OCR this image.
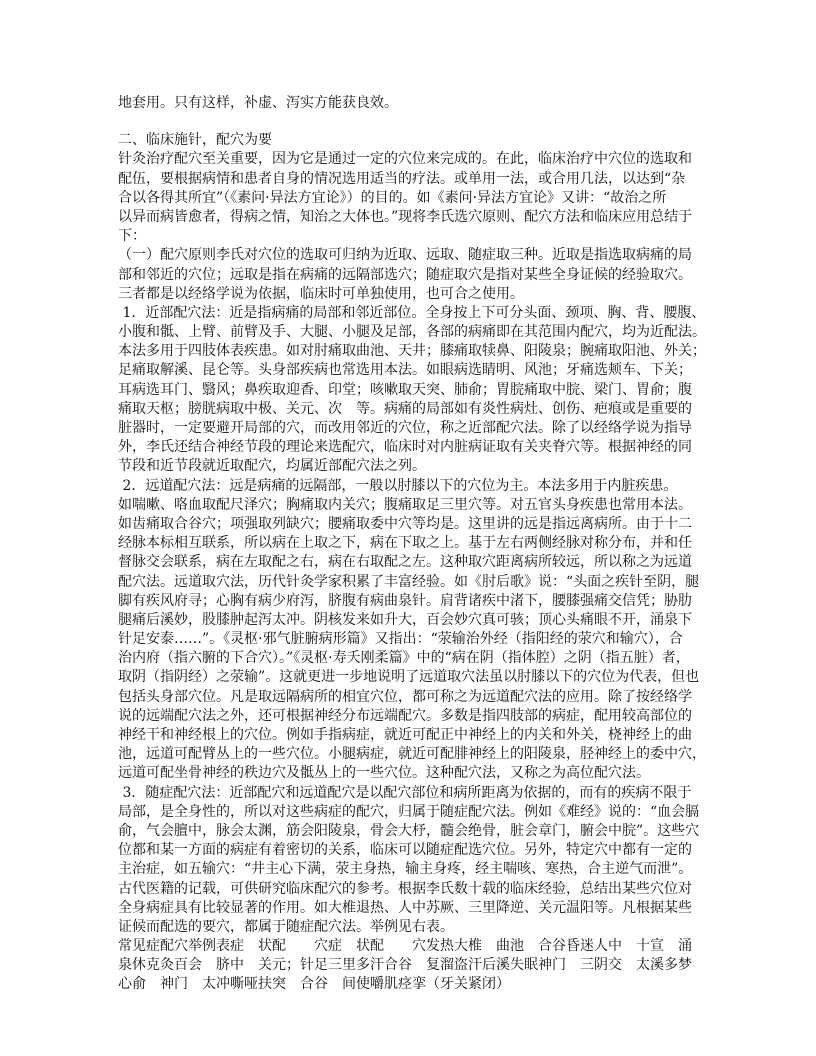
地套用。只有这样，补虚、泻实方能获良效。
二、临床施针，配穴为要
针灸治疗配穴至关重要，因为它是通过一定的穴位来完成的。在此，临床治疗中穴位的选取和
配伍，要根据病情和患者自身的情况选用适当的疗法。或单用一法，或合用几法，以达到“杂
合以各得其所宜”（《素问·异法方宜论》）的目的。如《素问·异法方宜论》又讲：“故治之所
以异而病皆愈者，得病之情，知治之大体也。”现将李氏选穴原则、配穴方法和临床应用总结于
下：
（一）配穴原则李氏对穴位的选取可归纳为近取、远取、随症取三种。近取是指选取病痛的局
部和邻近的穴位；远取是指在病痛的远隔部选穴；随症取穴是指对某些全身证候的经验取穴。
三者都是以经络学说为依据，临床时可单独使用，也可合之使用。
1．近部配穴法：近是指病痛的局部和邻近部位。全身按上下可分头面、颈项、胸、背、腰腹、
小腹和骶、上臂、前臂及手、大腿、小腿及足部，各部的病痛即在其范围内配穴，均为近配法。
本法多用于四肢体表疾患。如对肘痛取曲池、天井；膝痛取犊鼻、阳陵泉；腕痛取阳池、外关；
足痛取解溪、昆仑等。头身部疾病也常选用本法。如眼病选睛明、风池；牙痛选颊车、下关；
耳病选耳门、翳风；鼻疾取迎香、印堂；咳嗽取天突、肺俞；胃脘痛取中脘、梁门、胃俞；腹
痛取天枢；膀胱病取中极、关元、次　等。病痛的局部如有炎性病灶、创伤、疤痕或是重要的
脏器时，一定要避开局部的穴，而改用邻近的穴位，称之近部配穴法。除了以经络学说为指导
外，李氏还结合神经节段的理论来选配穴，临床时对内脏病证取有关夹脊穴等。根据神经的同
节段和近节段就近取配穴，均属近部配穴法之列。
2．远道配穴法：远是病痛的远隔部，一般以肘膝以下的穴位为主。本法多用于内脏疾患。
如喘嗽、咯血取配尺泽穴；胸痛取内关穴；腹痛取足三里穴等。对五官头身疾患也常用本法。
如齿痛取合谷穴；项强取列缺穴；腰痛取委中穴等均是。这里讲的远是指远离病所。由于十二
经脉本标相互联系，所以病在上取之下，病在下取之上。基于左右两侧经脉对称分布，并和任
督脉交会联系，病在左取配之右，病在右取配之左。这种取穴距离病所较远，所以称之为远道
配穴法。远道取穴法，历代针灸学家积累了丰富经验。如《肘后歌》说：“头面之疾针至阴，腿
脚有疾风府寻；心胸有病少府泻，脐腹有病曲泉针。肩背诸疾中渚下，腰膝强痛交信凭；胁肋
腿痛后溪妙，股膝肿起泻太冲。阴核发来如升大，百会妙穴真可骇；顶心头痛眼不开，涌泉下
针足安泰……”。《灵枢·邪气脏腑病形篇》又指出：“荥输治外经（指阳经的荥穴和输穴），合
治内府（指六腑的下合穴）。”《灵枢·寿夭刚柔篇》中的“病在阴（指体腔）之阴（指五脏）者，
取阴（指阴经）之荥输”。这就更进一步地说明了远道取穴法虽以肘膝以下的穴位为代表，但也
包括头身部穴位。凡是取远隔病所的相宜穴位，都可称之为远道配穴法的应用。除了按经络学
说的远端配穴法之外，还可根据神经分布远端配穴。多数是指四肢部的病症，配用较高部位的
神经干和神经根上的穴位。例如手指病症，就近可配正中神经上的内关和外关，桡神经上的曲
池，远道可配臂丛上的一些穴位。小腿病症，就近可配腓神经上的阳陵泉，胫神经上的委中穴，
远道可配坐骨神经的秩边穴及骶丛上的一些穴位。这种配穴法，又称之为高位配穴法。
3．随症配穴法：近部配穴和远道配穴是以配穴部位和病所距离为依据的，而有的疾病不限于
局部，是全身性的，所以对这些病症的配穴，归属于随症配穴法。例如《难经》说的：“血会膈
俞，气会膻中，脉会太渊，筋会阳陵泉，骨会大杼，髓会绝骨，脏会章门，腑会中脘”。这些穴
位都和某一方面的病症有着密切的关系，临床可以随症配选穴位。另外，特定穴中都有一定的
主治症，如五输穴：“井主心下满，荥主身热，输主身疼，经主喘咳、寒热，合主逆气而泄”。
古代医籍的记载，可供研究临床配穴的参考。根据李氏数十载的临床经验，总结出某些穴位对
全身病症具有比较显著的作用。如大椎退热、人中苏厥、三里降逆、关元温阳等。凡根据某些
证候而配选的要穴，都属于随症配穴法。举例见右表。
常见症配穴举例表症　状配　　穴症　状配　　穴发热大椎　曲池　合谷昏迷人中　十宣　涌
泉休克灸百会　脐中　关元；针足三里多汗合谷　复溜盗汗后溪失眠神门　三阴交　太溪多梦
心俞　神门　太冲嘶哑扶突　合谷　间使嚼肌痉挛（牙关紧闭）
